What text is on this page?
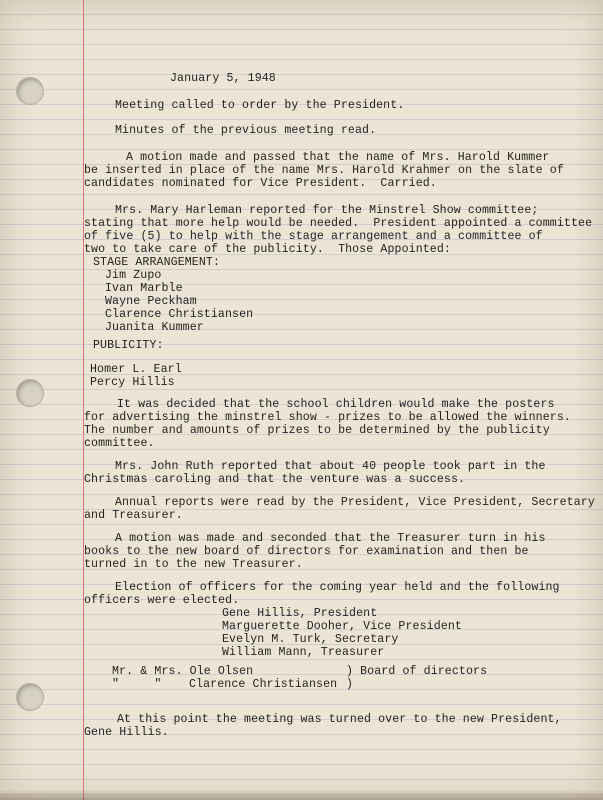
January 5, 1948
Meeting called to order by the President.
Minutes of the previous meeting read.
A motion made and passed that the name of Mrs. Harold Kummer
be inserted in place of the name Mrs. Harold Krahmer on the slate of
candidates nominated for Vice President.  Carried.
Mrs. Mary Harleman reported for the Minstrel Show committee;
stating that more help would be needed.  President appointed a committee
of five (5) to help with the stage arrangement and a committee of
two to take care of the publicity.  Those Appointed:
STAGE ARRANGEMENT:
Jim Zupo
Ivan Marble
Wayne Peckham
Clarence Christiansen
Juanita Kummer
PUBLICITY:
Homer L. Earl
Percy Hillis
It was decided that the school children would make the posters
for advertising the minstrel show - prizes to be allowed the winners.
The number and amounts of prizes to be determined by the publicity
committee.
Mrs. John Ruth reported that about 40 people took part in the
Christmas caroling and that the venture was a success.
Annual reports were read by the President, Vice President, Secretary
and Treasurer.
A motion was made and seconded that the Treasurer turn in his
books to the new board of directors for examination and then be
turned in to the new Treasurer.
Election of officers for the coming year held and the following
officers were elected.
Gene Hillis, President
Marguerette Dooher, Vice President
Evelyn M. Turk, Secretary
William Mann, Treasurer
Mr. & Mrs. Ole Olsen	) Board of directors
"     " Clarence Christiansen )
At this point the meeting was turned over to the new President,
Gene Hillis.
